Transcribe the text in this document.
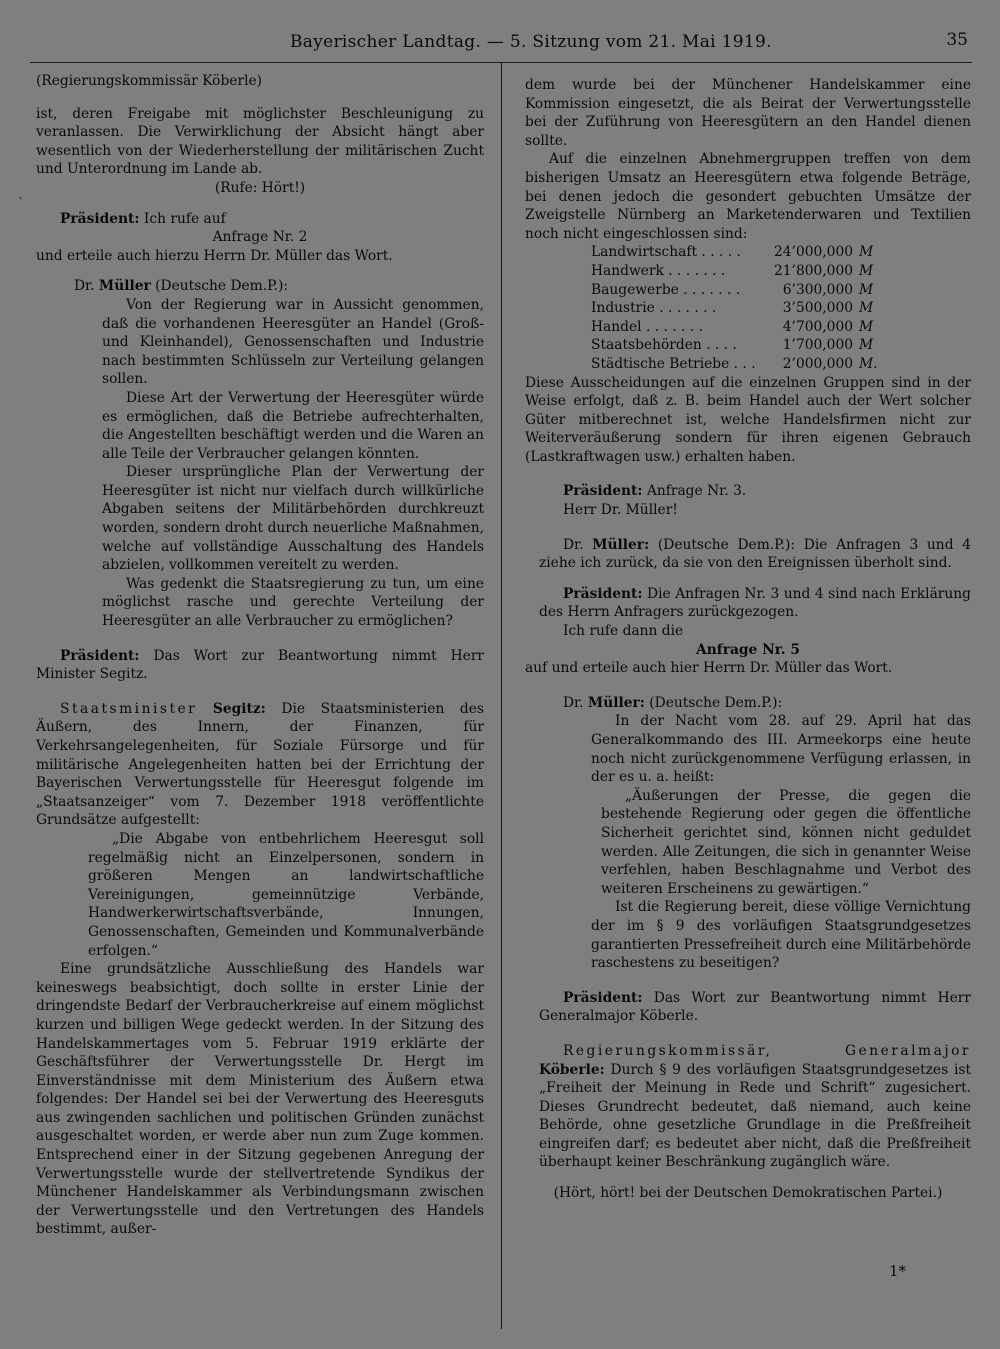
Bayerischer Landtag. — 5. Sitzung vom 21. Mai 1919.	35
`

(Regierungskommissär Köberle)

ist, deren Freigabe mit möglichster Beschleunigung zu veranlassen. Die Verwirklichung der Absicht hängt aber wesentlich von der Wiederherstellung der militärischen Zucht und Unterordnung im Lande ab.

(Rufe: Hört!)

Präsident: Ich rufe auf

Anfrage Nr. 2

und erteile auch hierzu Herrn Dr. Müller das Wort.

Dr. Müller (Deutsche Dem.P.):

Von der Regierung war in Aussicht genommen, daß die vorhandenen Heeresgüter an Handel (Groß- und Kleinhandel), Genossenschaften und Industrie nach bestimmten Schlüsseln zur Verteilung gelangen sollen.

Diese Art der Verwertung der Heeresgüter würde es ermöglichen, daß die Betriebe aufrechterhalten, die Angestellten beschäftigt werden und die Waren an alle Teile der Verbraucher gelangen könnten.

Dieser ursprüngliche Plan der Verwertung der Heeresgüter ist nicht nur vielfach durch willkürliche Abgaben seitens der Militärbehörden durchkreuzt worden, sondern droht durch neuerliche Maßnahmen, welche auf vollständige Ausschaltung des Handels abzielen, vollkommen vereitelt zu werden.

Was gedenkt die Staatsregierung zu tun, um eine möglichst rasche und gerechte Verteilung der Heeresgüter an alle Verbraucher zu ermöglichen?

Präsident: Das Wort zur Beantwortung nimmt Herr Minister Segitz.

Staatsminister Segitz: Die Staatsministerien des Äußern, des Innern, der Finanzen, für Verkehrsangelegenheiten, für Soziale Fürsorge und für militärische Angelegenheiten hatten bei der Errichtung der Bayerischen Verwertungsstelle für Heeresgut folgende im „Staatsanzeiger“ vom 7. Dezember 1918 veröffentlichte Grundsätze aufgestellt:

„Die Abgabe von entbehrlichem Heeresgut soll regelmäßig nicht an Einzelpersonen, sondern in größeren Mengen an landwirtschaftliche Vereinigungen, gemeinnützige Verbände, Handwerkerwirtschaftsverbände, Innungen, Genossenschaften, Gemeinden und Kommunalverbände erfolgen.“

Eine grundsätzliche Ausschließung des Handels war keineswegs beabsichtigt, doch sollte in erster Linie der dringendste Bedarf der Verbraucherkreise auf einem möglichst kurzen und billigen Wege gedeckt werden. In der Sitzung des Handelskammertages vom 5. Februar 1919 erklärte der Geschäftsführer der Verwertungsstelle Dr. Hergt im Einverständnisse mit dem Ministerium des Äußern etwa folgendes: Der Handel sei bei der Verwertung des Heeresguts aus zwingenden sachlichen und politischen Gründen zunächst ausgeschaltet worden, er werde aber nun zum Zuge kommen. Entsprechend einer in der Sitzung gegebenen Anregung der Verwertungsstelle wurde der stellvertretende Syndikus der Münchener Handelskammer als Verbindungsmann zwischen der Verwertungsstelle und den Vertretungen des Handels bestimmt, außer-

dem wurde bei der Münchener Handelskammer eine Kommission eingesetzt, die als Beirat der Verwertungsstelle bei der Zuführung von Heeresgütern an den Handel dienen sollte.

Auf die einzelnen Abnehmergruppen treffen von dem bisherigen Umsatz an Heeresgütern etwa folgende Beträge, bei denen jedoch die gesondert gebuchten Umsätze der Zweigstelle Nürnberg an Marketenderwaren und Textilien noch nicht eingeschlossen sind:

Landwirtschaft . . . . .	24’000,000	M
Handwerk . . . . . . .	21’800,000	M
Baugewerbe . . . . . . .	6’300,000	M
Industrie . . . . . . .	3’500,000	M
Handel . . . . . . .	4’700,000	M
Staatsbehörden . . . .	1’700,000	M
Städtische Betriebe . . .	2’000,000	M.

Diese Ausscheidungen auf die einzelnen Gruppen sind in der Weise erfolgt, daß z. B. beim Handel auch der Wert solcher Güter mitberechnet ist, welche Handelsfirmen nicht zur Weiterveräußerung sondern für ihren eigenen Gebrauch (Lastkraftwagen usw.) erhalten haben.

Präsident: Anfrage Nr. 3.

Herr Dr. Müller!

Dr. Müller: (Deutsche Dem.P.): Die Anfragen 3 und 4 ziehe ich zurück, da sie von den Ereignissen überholt sind.

Präsident: Die Anfragen Nr. 3 und 4 sind nach Erklärung des Herrn Anfragers zurückgezogen.

Ich rufe dann die

Anfrage Nr. 5

auf und erteile auch hier Herrn Dr. Müller das Wort.

Dr. Müller: (Deutsche Dem.P.):

In der Nacht vom 28. auf 29. April hat das Generalkommando des III. Armeekorps eine heute noch nicht zurückgenommene Verfügung erlassen, in der es u. a. heißt:

„Äußerungen der Presse, die gegen die bestehende Regierung oder gegen die öffentliche Sicherheit gerichtet sind, können nicht geduldet werden. Alle Zeitungen, die sich in genannter Weise verfehlen, haben Beschlagnahme und Verbot des weiteren Erscheinens zu gewärtigen.“

Ist die Regierung bereit, diese völlige Vernichtung der im § 9 des vorläufigen Staatsgrundgesetzes garantierten Pressefreiheit durch eine Militärbehörde raschestens zu beseitigen?

Präsident: Das Wort zur Beantwortung nimmt Herr Generalmajor Köberle.

Regierungskommissär, Generalmajor Köberle: Durch § 9 des vorläufigen Staatsgrundgesetzes ist „Freiheit der Meinung in Rede und Schrift“ zugesichert. Dieses Grundrecht bedeutet, daß niemand, auch keine Behörde, ohne gesetzliche Grundlage in die Preßfreiheit eingreifen darf; es bedeutet aber nicht, daß die Preßfreiheit überhaupt keiner Beschränkung zugänglich wäre.

(Hört, hört! bei der Deutschen Demokratischen Partei.)

1*
